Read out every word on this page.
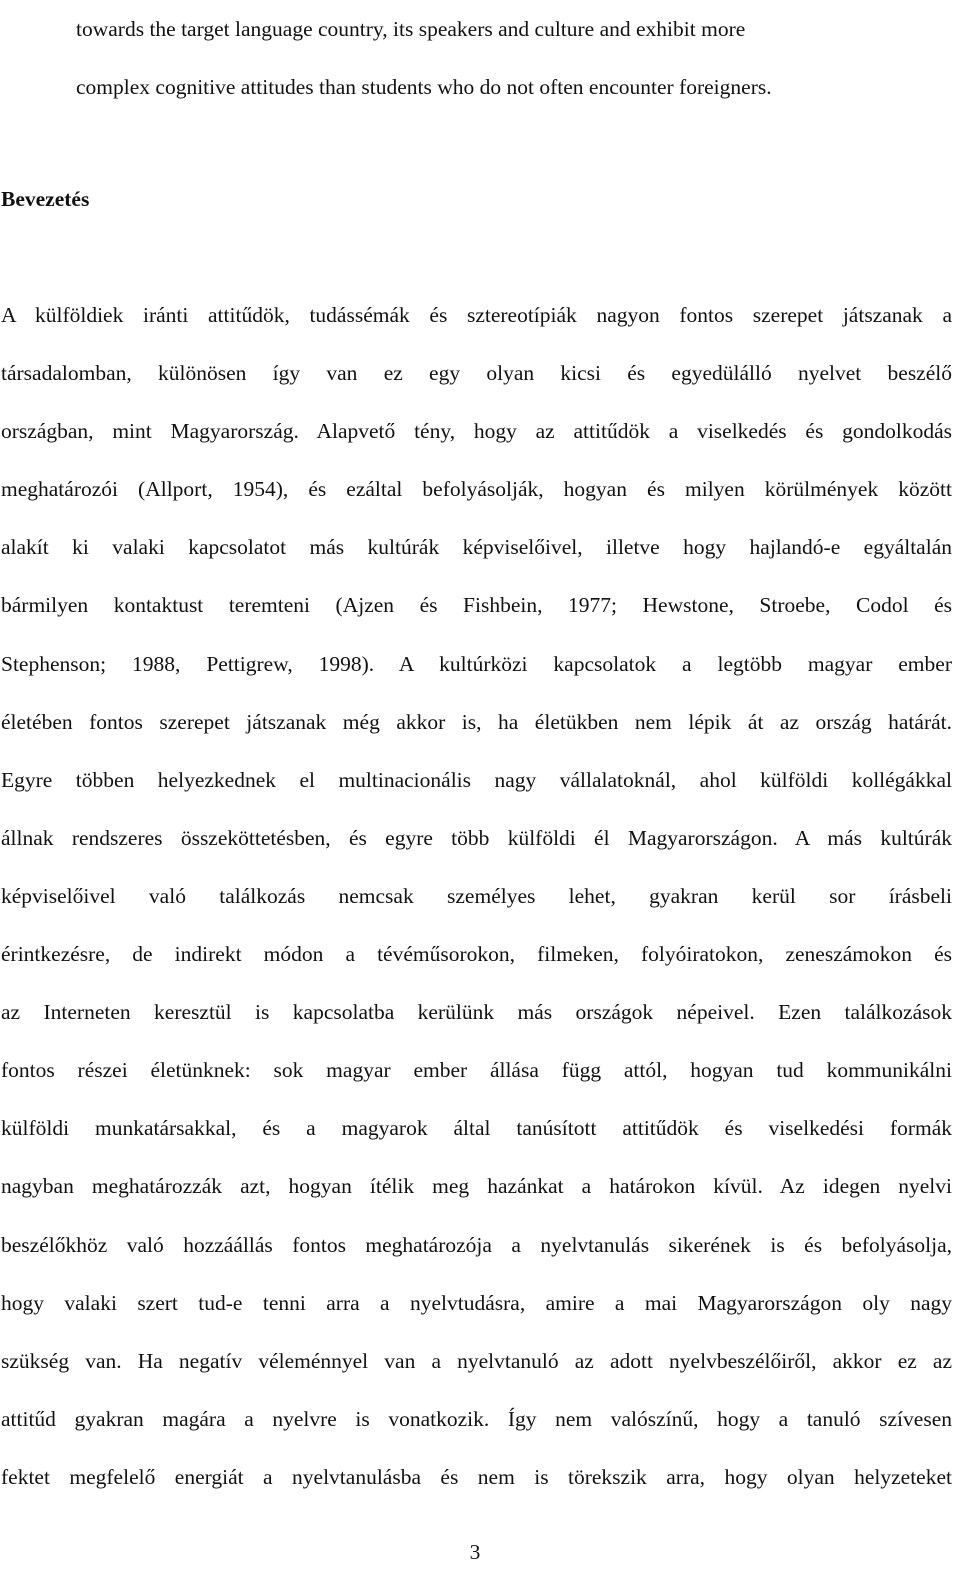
towards the target language country, its speakers and culture and exhibit more
complex cognitive attitudes than students who do not often encounter foreigners.
Bevezetés
A külföldiek iránti attitűdök, tudássémák és sztereotípiák nagyon fontos szerepet játszanak a
társadalomban, különösen így van ez egy olyan kicsi és egyedülálló nyelvet beszélő
országban, mint Magyarország. Alapvető tény, hogy az attitűdök a viselkedés és gondolkodás
meghatározói (Allport, 1954), és ezáltal befolyásolják, hogyan és milyen körülmények között
alakít ki valaki kapcsolatot más kultúrák képviselőivel, illetve hogy hajlandó-e egyáltalán
bármilyen kontaktust teremteni (Ajzen és Fishbein, 1977; Hewstone, Stroebe, Codol és
Stephenson; 1988, Pettigrew, 1998). A kultúrközi kapcsolatok a legtöbb magyar ember
életében fontos szerepet játszanak még akkor is, ha életükben nem lépik át az ország határát.
Egyre többen helyezkednek el multinacionális nagy vállalatoknál, ahol külföldi kollégákkal
állnak rendszeres összeköttetésben, és egyre több külföldi él Magyarországon. A más kultúrák
képviselőivel való találkozás nemcsak személyes lehet, gyakran kerül sor írásbeli
érintkezésre, de indirekt módon a tévéműsorokon, filmeken, folyóiratokon, zeneszámokon és
az Interneten keresztül is kapcsolatba kerülünk más országok népeivel. Ezen találkozások
fontos részei életünknek: sok magyar ember állása függ attól, hogyan tud kommunikálni
külföldi munkatársakkal, és a magyarok által tanúsított attitűdök és viselkedési formák
nagyban meghatározzák azt, hogyan ítélik meg hazánkat a határokon kívül. Az idegen nyelvi
beszélőkhöz való hozzáállás fontos meghatározója a nyelvtanulás sikerének is és befolyásolja,
hogy valaki szert tud-e tenni arra a nyelvtudásra, amire a mai Magyarországon oly nagy
szükség van. Ha negatív véleménnyel van a nyelvtanuló az adott nyelvbeszélőiről, akkor ez az
attitűd gyakran magára a nyelvre is vonatkozik. Így nem valószínű, hogy a tanuló szívesen
fektet megfelelő energiát a nyelvtanulásba és nem is törekszik arra, hogy olyan helyzeteket
3
